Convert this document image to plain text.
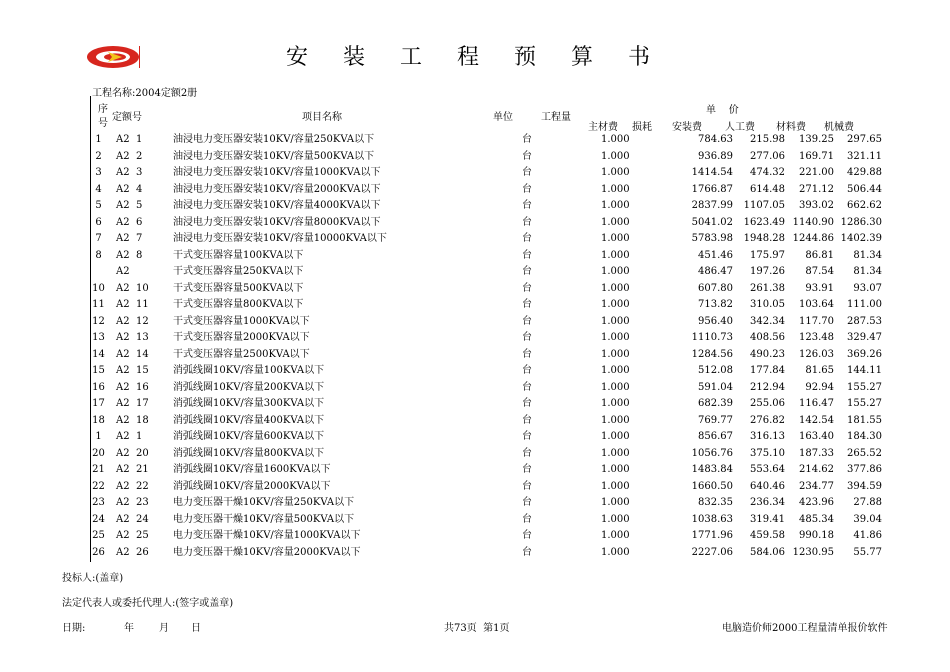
安 装 工 程 预 算 书
工程名称:2004定额2册
序
号
定额号	项目名称	单位	工程量
单    价
主材费 损耗 安装费 人工费 材料费 机械费
1	A2	1	油浸电力变压器安装10KV/容量250KVA以下	台	1.000	784.63	215.98	139.25	297.65
2	A2	2	油浸电力变压器安装10KV/容量500KVA以下	台	1.000	936.89	277.06	169.71	321.11
3	A2	3	油浸电力变压器安装10KV/容量1000KVA以下	台	1.000	1414.54	474.32	221.00	429.88
4	A2	4	油浸电力变压器安装10KV/容量2000KVA以下	台	1.000	1766.87	614.48	271.12	506.44
5	A2	5	油浸电力变压器安装10KV/容量4000KVA以下	台	1.000	2837.99	1107.05	393.02	662.62
6	A2	6	油浸电力变压器安装10KV/容量8000KVA以下	台	1.000	5041.02	1623.49	1140.90	1286.30
7	A2	7	油浸电力变压器安装10KV/容量10000KVA以下	台	1.000	5783.98	1948.28	1244.86	1402.39
8	A2	8	干式变压器容量100KVA以下	台	1.000	451.46	175.97	86.81	81.34
	A2		干式变压器容量250KVA以下	台	1.000	486.47	197.26	87.54	81.34
10	A2	10	干式变压器容量500KVA以下	台	1.000	607.80	261.38	93.91	93.07
11	A2	11	干式变压器容量800KVA以下	台	1.000	713.82	310.05	103.64	111.00
12	A2	12	干式变压器容量1000KVA以下	台	1.000	956.40	342.34	117.70	287.53
13	A2	13	干式变压器容量2000KVA以下	台	1.000	1110.73	408.56	123.48	329.47
14	A2	14	干式变压器容量2500KVA以下	台	1.000	1284.56	490.23	126.03	369.26
15	A2	15	消弧线圈10KV/容量100KVA以下	台	1.000	512.08	177.84	81.65	144.11
16	A2	16	消弧线圈10KV/容量200KVA以下	台	1.000	591.04	212.94	92.94	155.27
17	A2	17	消弧线圈10KV/容量300KVA以下	台	1.000	682.39	255.06	116.47	155.27
18	A2	18	消弧线圈10KV/容量400KVA以下	台	1.000	769.77	276.82	142.54	181.55
1	A2	1	消弧线圈10KV/容量600KVA以下	台	1.000	856.67	316.13	163.40	184.30
20	A2	20	消弧线圈10KV/容量800KVA以下	台	1.000	1056.76	375.10	187.33	265.52
21	A2	21	消弧线圈10KV/容量1600KVA以下	台	1.000	1483.84	553.64	214.62	377.86
22	A2	22	消弧线圈10KV/容量2000KVA以下	台	1.000	1660.50	640.46	234.77	394.59
23	A2	23	电力变压器干燥10KV/容量250KVA以下	台	1.000	832.35	236.34	423.96	27.88
24	A2	24	电力变压器干燥10KV/容量500KVA以下	台	1.000	1038.63	319.41	485.34	39.04
25	A2	25	电力变压器干燥10KV/容量1000KVA以下	台	1.000	1771.96	459.58	990.18	41.86
26	A2	26	电力变压器干燥10KV/容量2000KVA以下	台	1.000	2227.06	584.06	1230.95	55.77
投标人:(盖章)
法定代表人或委托代理人:(签字或盖章)
日期:	年	月 日	共73页  第1页	电脑造价师2000工程量清单报价软件
